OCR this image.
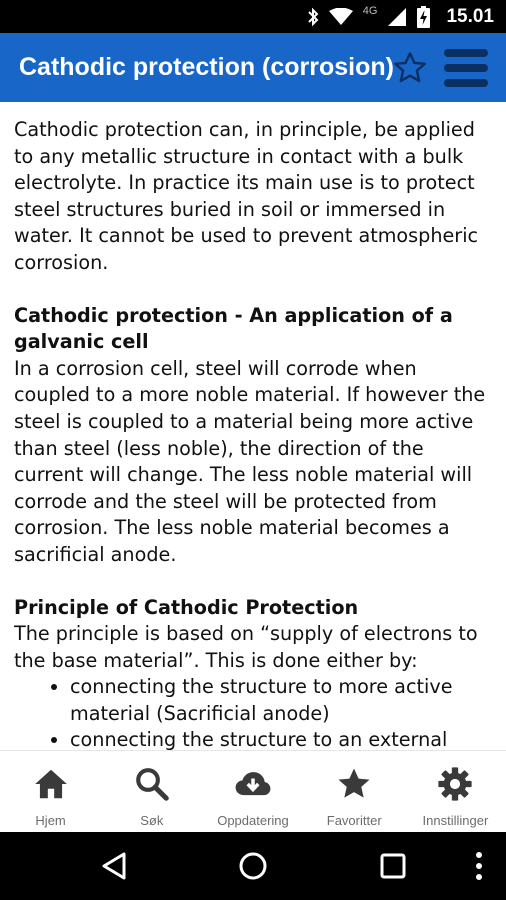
4G	15.01
Cathodic protection (corrosion)

Cathodic protection can, in principle, be applied to any metallic structure in contact with a bulk electrolyte. In practice its main use is to protect steel structures buried in soil or immersed in water. It cannot be used to prevent atmospheric corrosion.

Cathodic protection - An application of a galvanic cell

In a corrosion cell, steel will corrode when coupled to a more noble material. If however the steel is coupled to a material being more active than steel (less noble), the direction of the current will change. The less noble material will corrode and the steel will be protected from corrosion. The less noble material becomes a sacrificial anode.

Principle of Cathodic Protection

The principle is based on “supply of electrons to the base material”. This is done either by:

• connecting the structure to more active material (Sacrificial anode)
• connecting the structure to an external
Hjem	Søk	Oppdatering	Favoritter	Innstillinger
